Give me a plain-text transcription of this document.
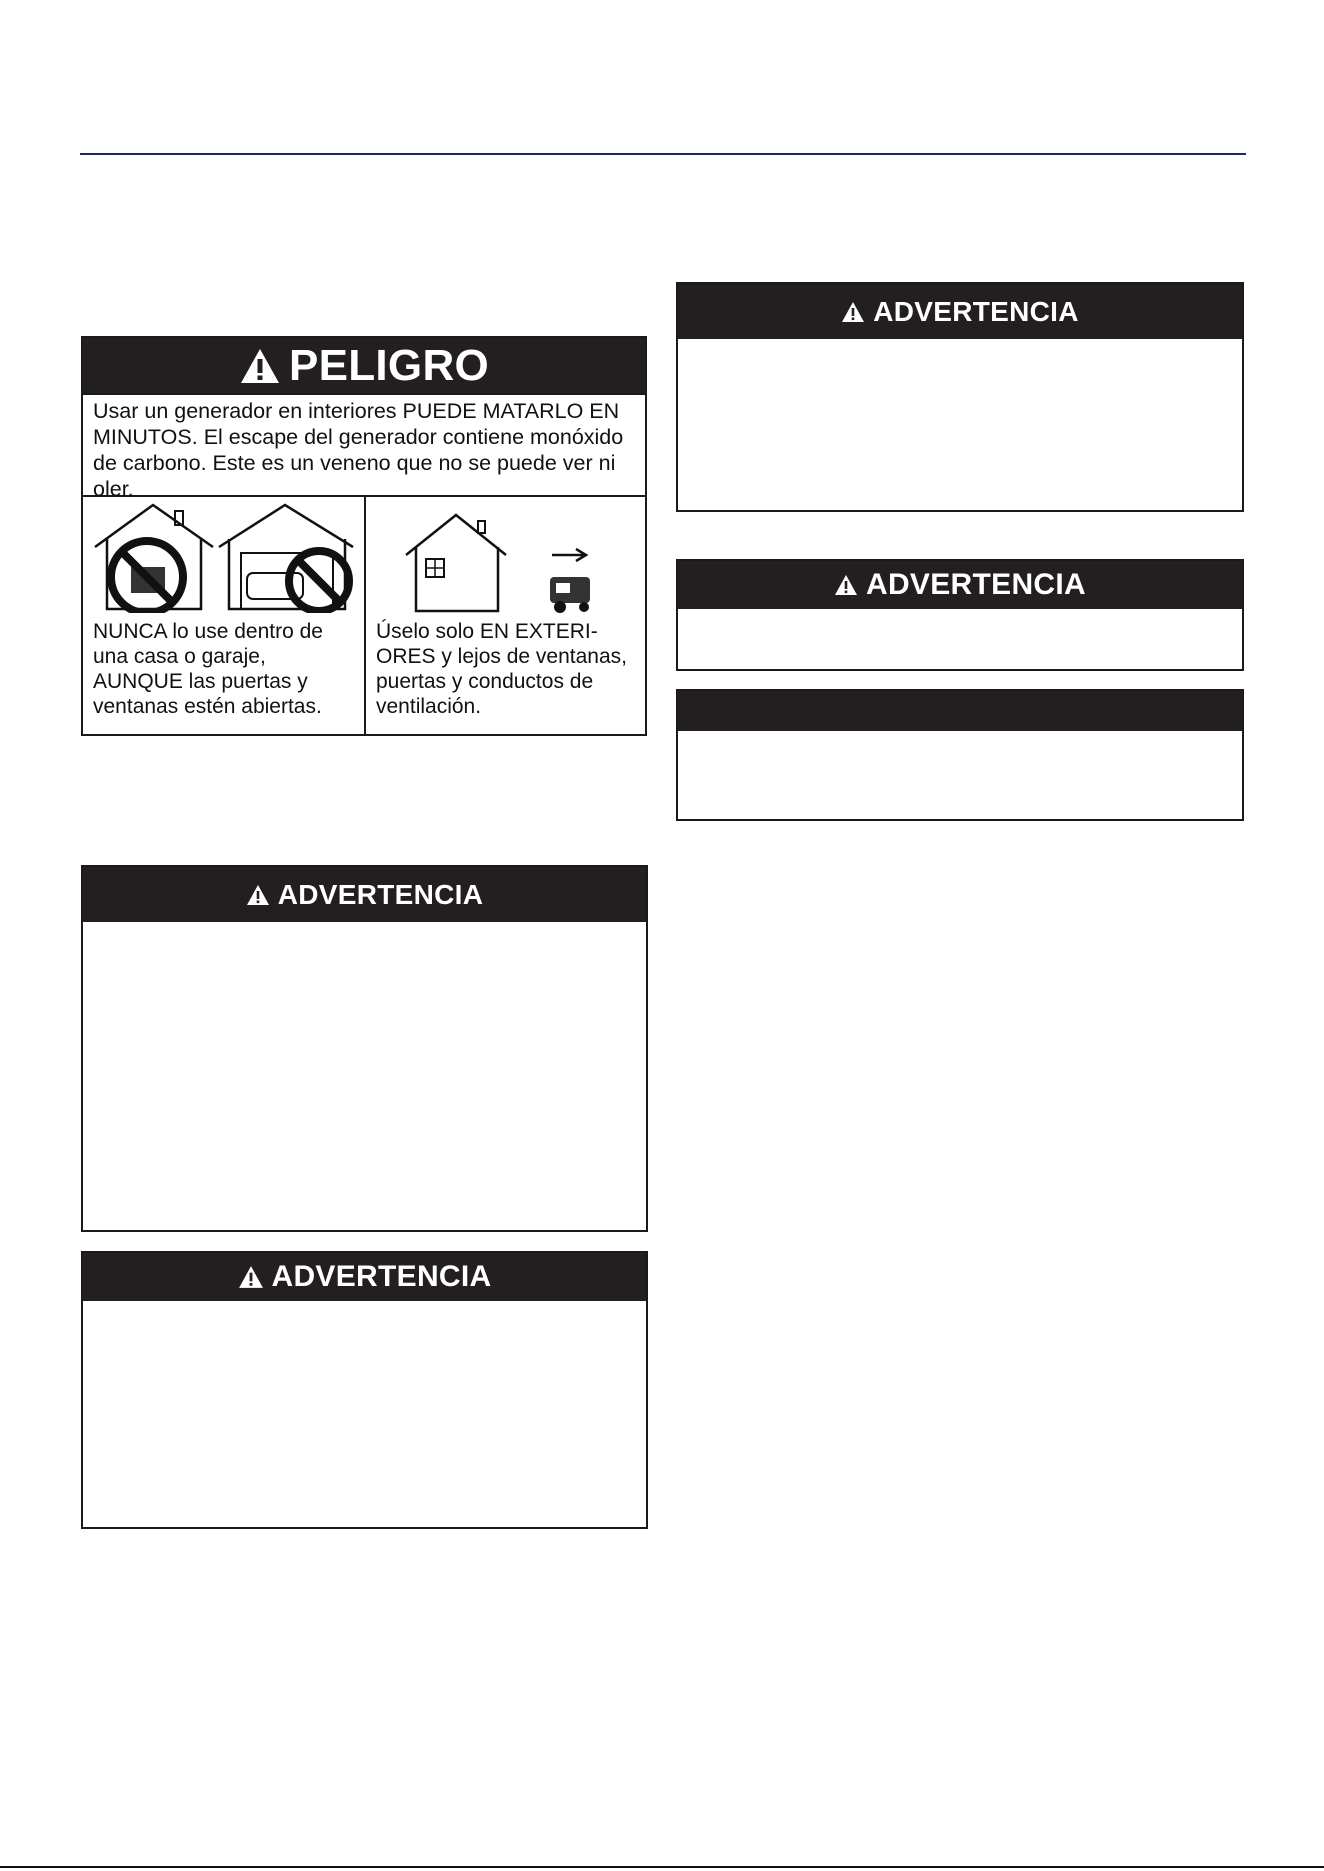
PELIGRO
Usar un generador en interiores PUEDE MATARLO EN MINUTOS. El escape del generador contiene monóxido de carbono. Este es un veneno que no se puede ver ni oler.
NUNCA lo use dentro de una casa o garaje, AUNQUE las puertas y ventanas estén abiertas.
Úselo solo EN EXTERI- ORES y lejos de ventanas, puertas y conductos de ventilación.
ADVERTENCIA
ADVERTENCIA
ADVERTENCIA
ADVERTENCIA
